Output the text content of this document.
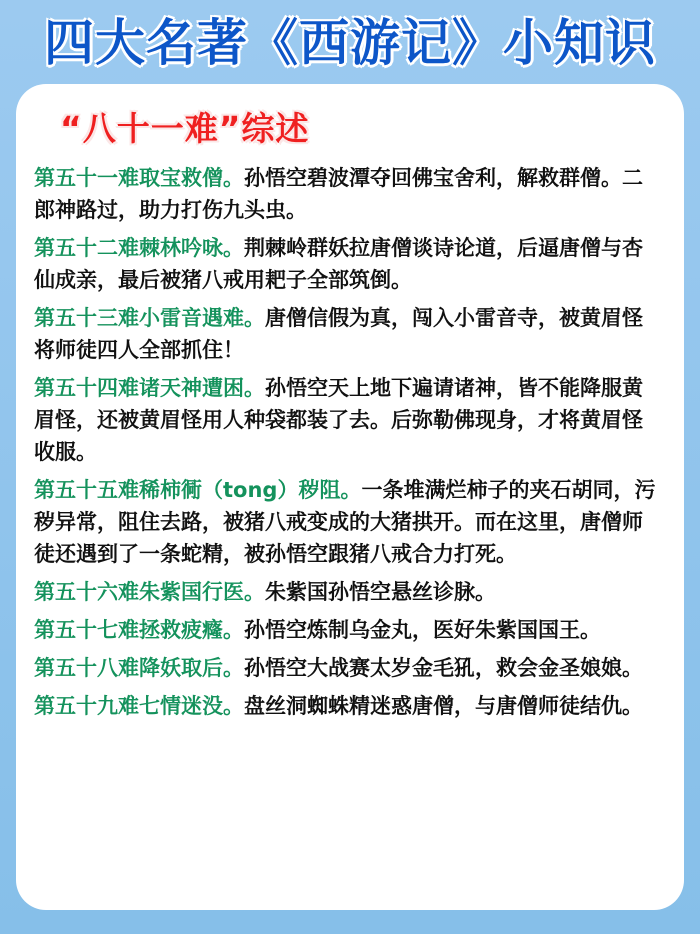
四大名著《西游记》小知识
“八十一难”综述

第五十一难取宝救僧。孙悟空碧波潭夺回佛宝舍利，解救群僧。二郎神路过，助力打伤九头虫。

第五十二难棘林吟咏。荆棘岭群妖拉唐僧谈诗论道，后逼唐僧与杏仙成亲，最后被猪八戒用耙子全部筑倒。

第五十三难小雷音遇难。唐僧信假为真，闯入小雷音寺，被黄眉怪将师徒四人全部抓住！

第五十四难诸天神遭困。孙悟空天上地下遍请诸神，皆不能降服黄眉怪，还被黄眉怪用人种袋都装了去。后弥勒佛现身，才将黄眉怪收服。

第五十五难稀柿衕（tong）秽阻。一条堆满烂柿子的夹石胡同，污秽异常，阻住去路，被猪八戒变成的大猪拱开。而在这里，唐僧师徒还遇到了一条蛇精，被孙悟空跟猪八戒合力打死。

第五十六难朱紫国行医。朱紫国孙悟空悬丝诊脉。

第五十七难拯救疲癃。孙悟空炼制乌金丸，医好朱紫国国王。

第五十八难降妖取后。孙悟空大战赛太岁金毛犼，救会金圣娘娘。

第五十九难七情迷没。盘丝洞蜘蛛精迷惑唐僧，与唐僧师徒结仇。
